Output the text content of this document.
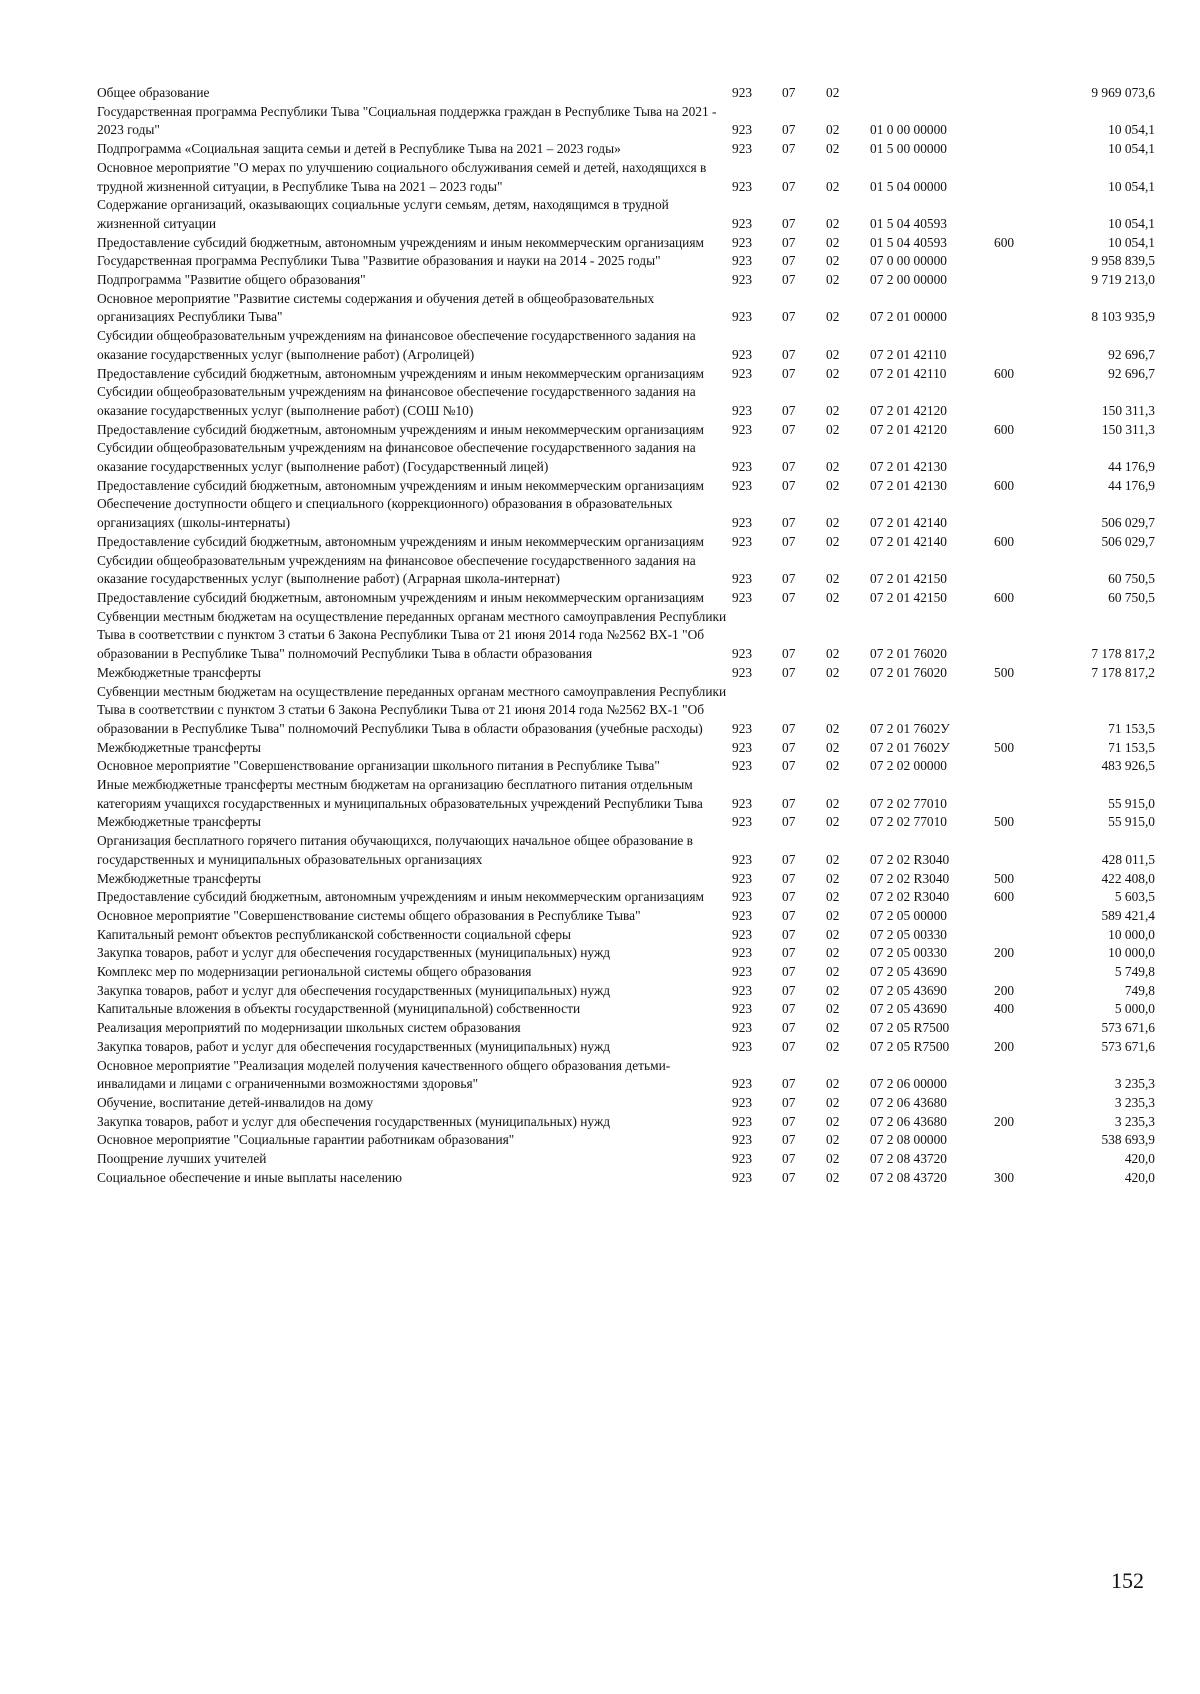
Общее образование	923	07	02			9 969 073,6
Государственная программа Республики Тыва "Социальная поддержка граждан в Республике Тыва на 2021 - 2023 годы"	923	07	02	01 0 00 00000		10 054,1
Подпрограмма «Социальная защита семьи и детей в Республике Тыва на 2021 – 2023 годы»	923	07	02	01 5 00 00000		10 054,1
Основное мероприятие "О мерах по улучшению социального обслуживания семей и детей, находящихся в трудной жизненной ситуации, в Республике Тыва на 2021 – 2023 годы"	923	07	02	01 5 04 00000		10 054,1
Содержание организаций, оказывающих социальные услуги семьям, детям, находящимся в трудной жизненной ситуации	923	07	02	01 5 04 40593		10 054,1
Предоставление субсидий бюджетным, автономным учреждениям и иным некоммерческим организациям	923	07	02	01 5 04 40593	600	10 054,1
Государственная программа Республики Тыва "Развитие образования и науки на 2014 - 2025 годы"	923	07	02	07 0 00 00000		9 958 839,5
Подпрограмма "Развитие общего образования"	923	07	02	07 2 00 00000		9 719 213,0
Основное мероприятие "Развитие системы содержания и обучения детей в общеобразовательных организациях Республики Тыва"	923	07	02	07 2 01 00000		8 103 935,9
Субсидии общеобразовательным учреждениям на финансовое обеспечение государственного задания на оказание государственных услуг (выполнение работ) (Агролицей)	923	07	02	07 2 01 42110		92 696,7
Предоставление субсидий бюджетным, автономным учреждениям и иным некоммерческим организациям	923	07	02	07 2 01 42110	600	92 696,7
Субсидии общеобразовательным учреждениям на финансовое обеспечение государственного задания на оказание государственных услуг (выполнение работ) (СОШ №10)	923	07	02	07 2 01 42120		150 311,3
Предоставление субсидий бюджетным, автономным учреждениям и иным некоммерческим организациям	923	07	02	07 2 01 42120	600	150 311,3
Субсидии общеобразовательным учреждениям на финансовое обеспечение государственного задания на оказание государственных услуг (выполнение работ) (Государственный лицей)	923	07	02	07 2 01 42130		44 176,9
Предоставление субсидий бюджетным, автономным учреждениям и иным некоммерческим организациям	923	07	02	07 2 01 42130	600	44 176,9
Обеспечение доступности общего и специального (коррекционного) образования в образовательных организациях (школы-интернаты)	923	07	02	07 2 01 42140		506 029,7
Предоставление субсидий бюджетным, автономным учреждениям и иным некоммерческим организациям	923	07	02	07 2 01 42140	600	506 029,7
Субсидии общеобразовательным учреждениям на финансовое обеспечение государственного задания на оказание государственных услуг (выполнение работ) (Аграрная школа-интернат)	923	07	02	07 2 01 42150		60 750,5
Предоставление субсидий бюджетным, автономным учреждениям и иным некоммерческим организациям	923	07	02	07 2 01 42150	600	60 750,5
Субвенции местным бюджетам на осуществление переданных органам местного самоуправления Республики Тыва в соответствии с пунктом 3 статьи 6 Закона Республики Тыва от 21 июня 2014 года №2562 ВХ-1 "Об образовании в Республике Тыва" полномочий Республики Тыва в области образования	923	07	02	07 2 01 76020		7 178 817,2
Межбюджетные трансферты	923	07	02	07 2 01 76020	500	7 178 817,2
Субвенции местным бюджетам на осуществление переданных органам местного самоуправления Республики Тыва в соответствии с пунктом 3 статьи 6 Закона Республики Тыва от 21 июня 2014 года №2562 ВХ-1 "Об образовании в Республике Тыва" полномочий Республики Тыва в области образования (учебные расходы)	923	07	02	07 2 01 7602У		71 153,5
Межбюджетные трансферты	923	07	02	07 2 01 7602У	500	71 153,5
Основное мероприятие "Совершенствование организации школьного питания в Республике Тыва"	923	07	02	07 2 02 00000		483 926,5
Иные межбюджетные трансферты местным бюджетам на организацию бесплатного питания отдельным категориям учащихся государственных и муниципальных образовательных учреждений Республики Тыва	923	07	02	07 2 02 77010		55 915,0
Межбюджетные трансферты	923	07	02	07 2 02 77010	500	55 915,0
Организация бесплатного горячего питания обучающихся, получающих начальное общее образование в государственных и муниципальных образовательных организациях	923	07	02	07 2 02 R3040		428 011,5
Межбюджетные трансферты	923	07	02	07 2 02 R3040	500	422 408,0
Предоставление субсидий бюджетным, автономным учреждениям и иным некоммерческим организациям	923	07	02	07 2 02 R3040	600	5 603,5
Основное мероприятие "Совершенствование системы общего образования в Республике Тыва"	923	07	02	07 2 05 00000		589 421,4
Капитальный ремонт объектов республиканской собственности социальной сферы	923	07	02	07 2 05 00330		10 000,0
Закупка товаров, работ и услуг для обеспечения государственных (муниципальных) нужд	923	07	02	07 2 05 00330	200	10 000,0
Комплекс мер по модернизации региональной системы общего образования	923	07	02	07 2 05 43690		5 749,8
Закупка товаров, работ и услуг для обеспечения государственных (муниципальных) нужд	923	07	02	07 2 05 43690	200	749,8
Капитальные вложения в объекты государственной (муниципальной) собственности	923	07	02	07 2 05 43690	400	5 000,0
Реализация мероприятий по модернизации школьных систем образования	923	07	02	07 2 05 R7500		573 671,6
Закупка товаров, работ и услуг для обеспечения государственных (муниципальных) нужд	923	07	02	07 2 05 R7500	200	573 671,6
Основное мероприятие "Реализация моделей получения качественного общего образования детьми-инвалидами и лицами с ограниченными возможностями здоровья"	923	07	02	07 2 06 00000		3 235,3
Обучение, воспитание детей-инвалидов на дому	923	07	02	07 2 06 43680		3 235,3
Закупка товаров, работ и услуг для обеспечения государственных (муниципальных) нужд	923	07	02	07 2 06 43680	200	3 235,3
Основное мероприятие "Социальные гарантии работникам образования"	923	07	02	07 2 08 00000		538 693,9
Поощрение лучших учителей	923	07	02	07 2 08 43720		420,0
Социальное обеспечение и иные выплаты населению	923	07	02	07 2 08 43720	300	420,0
152
